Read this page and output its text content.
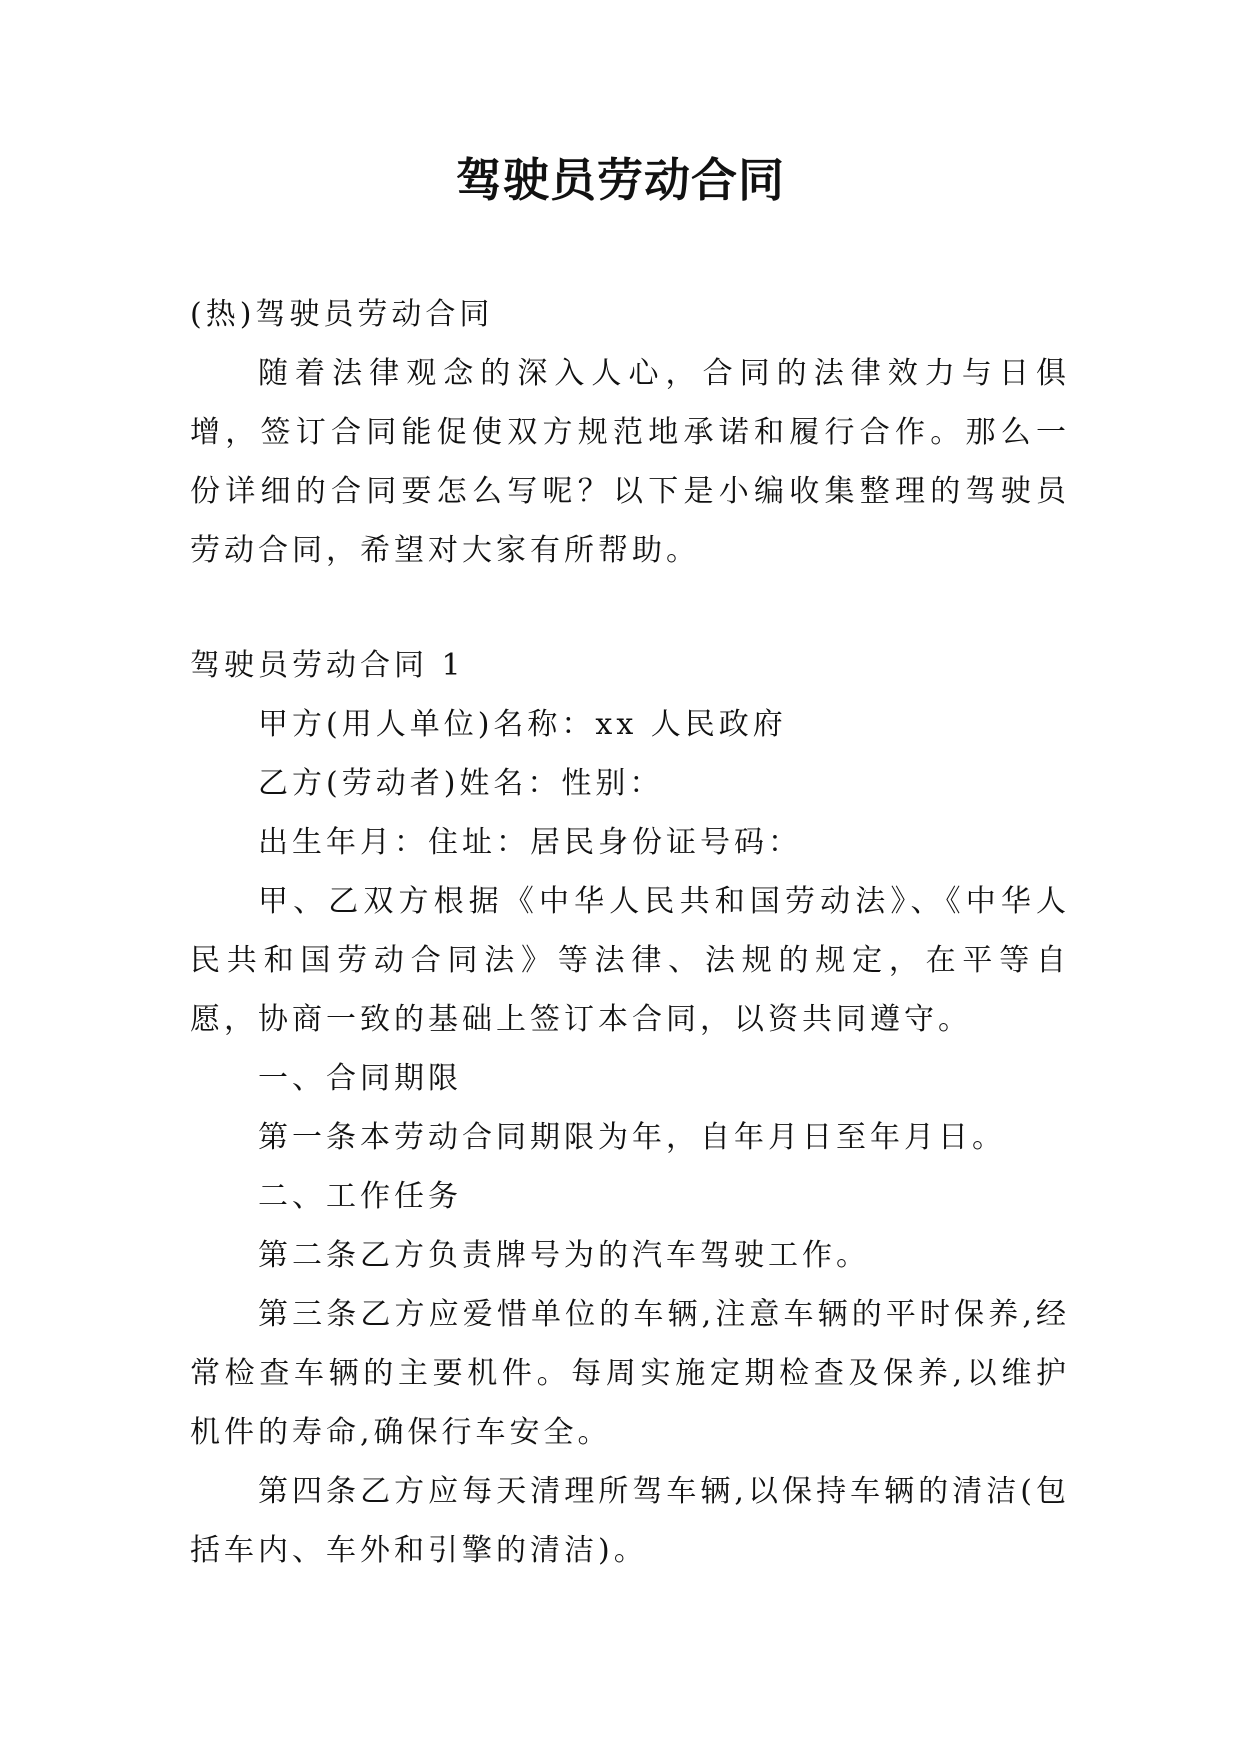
驾驶员劳动合同

(热)驾驶员劳动合同

随着法律观念的深入人心，合同的法律效力与日俱增，签订合同能促使双方规范地承诺和履行合作。那么一份详细的合同要怎么写呢？以下是小编收集整理的驾驶员劳动合同，希望对大家有所帮助。

驾驶员劳动合同 1

甲方(用人单位)名称：xx 人民政府

乙方(劳动者)姓名：性别：

出生年月：住址：居民身份证号码：

甲、乙双方根据《中华人民共和国劳动法》、《中华人民共和国劳动合同法》等法律、法规的规定，在平等自愿，协商一致的基础上签订本合同，以资共同遵守。

一、合同期限

第一条本劳动合同期限为年，自年月日至年月日。

二、工作任务

第二条乙方负责牌号为的汽车驾驶工作。

第三条乙方应爱惜单位的车辆,注意车辆的平时保养,经常检查车辆的主要机件。每周实施定期检查及保养,以维护机件的寿命,确保行车安全。

第四条乙方应每天清理所驾车辆,以保持车辆的清洁(包括车内、车外和引擎的清洁)。
